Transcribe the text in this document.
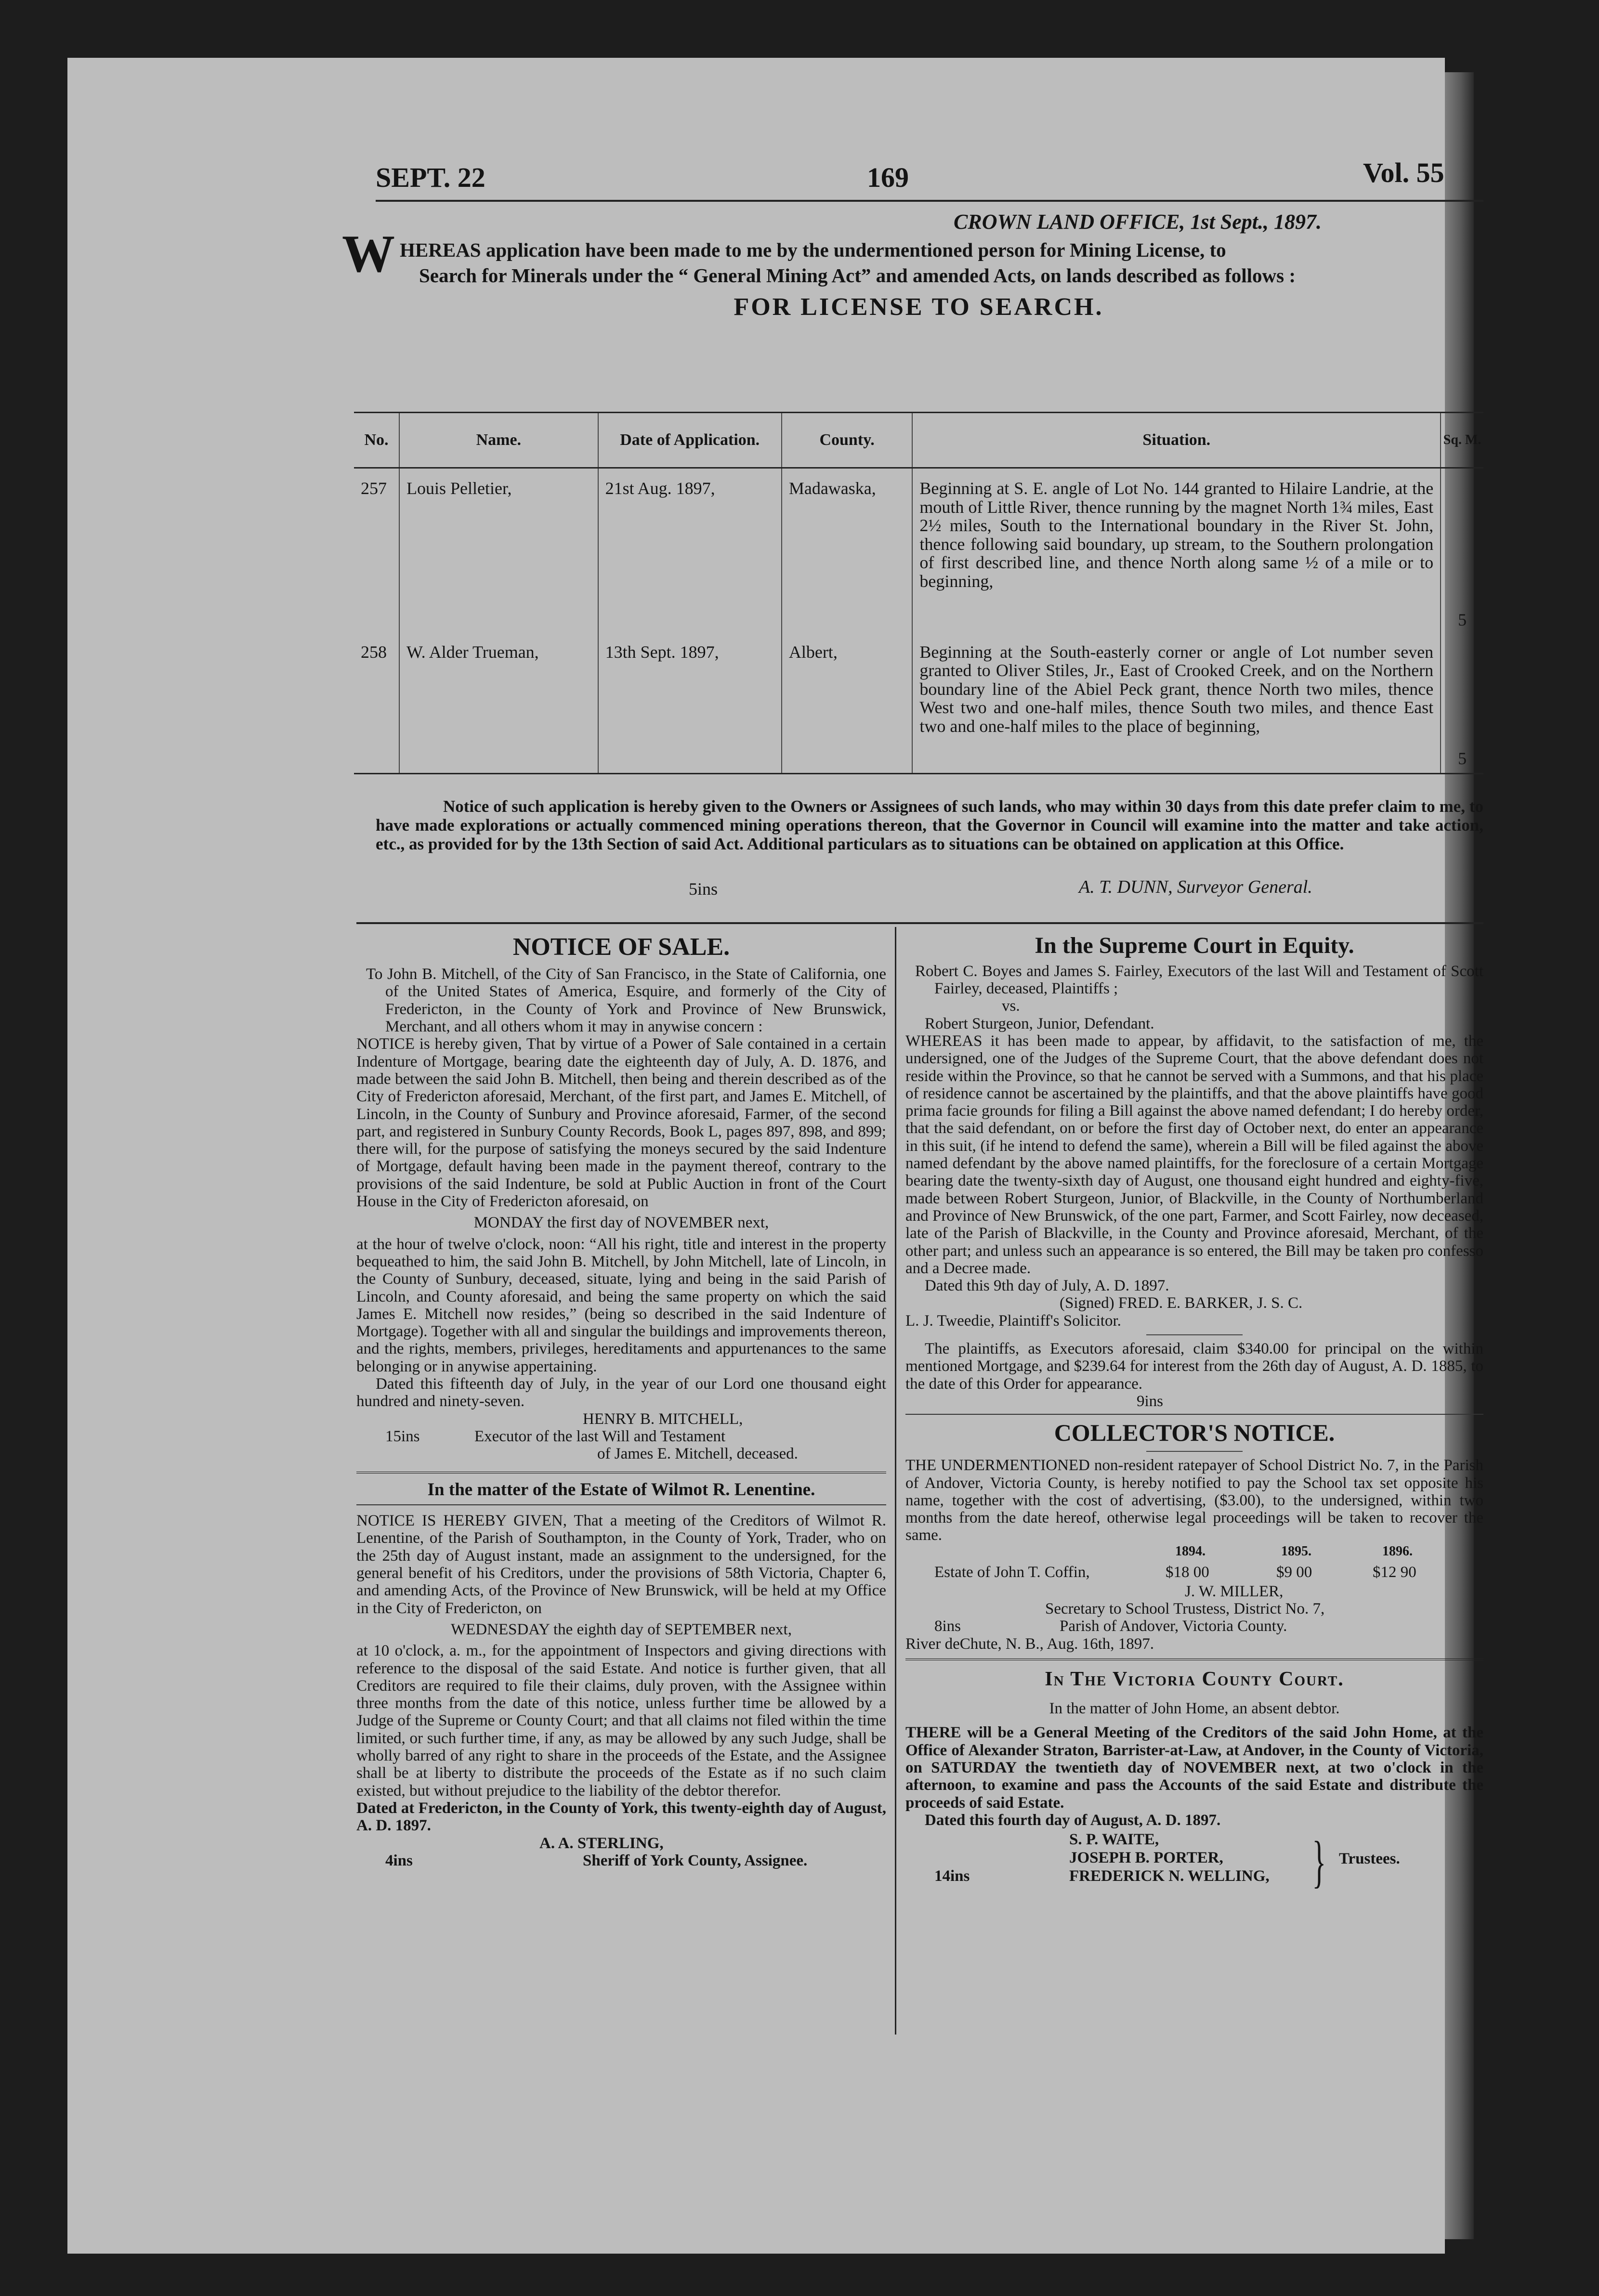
SEPT. 22	169	Vol. 55
CROWN LAND OFFICE, 1st Sept., 1897.
W HEREAS application have been made to me by the undermentioned person for Mining License, to
Search for Minerals under the “ General Mining Act” and amended Acts, on lands described as follows :
FOR LICENSE TO SEARCH.
No.	Name.	Date of Application.	County.	Situation.	Sq. M.
257	Louis Pelletier,	21st Aug. 1897,	Madawaska,	Beginning at S. E. angle of Lot No. 144 granted to Hilaire Landrie, at the mouth of Little River, thence running by the magnet North 1¾ miles, East 2½ miles, South to the International boundary in the River St. John, thence following said boundary, up stream, to the Southern prolongation of first described line, and thence North along same ½ of a mile or to beginning,	5
258	W. Alder Trueman,	13th Sept. 1897,	Albert,	Beginning at the South-easterly corner or angle of Lot number seven granted to Oliver Stiles, Jr., East of Crooked Creek, and on the Northern boundary line of the Abiel Peck grant, thence North two miles, thence West two and one-half miles, thence South two miles, and thence East two and one-half miles to the place of beginning,	5
Notice of such application is hereby given to the Owners or Assignees of such lands, who may within 30 days from this date prefer claim to me, to have made explorations or actually commenced mining operations thereon, that the Governor in Council will examine into the matter and take action, etc., as provided for by the 13th Section of said Act. Additional particulars as to situations can be obtained on application at this Office.
5ins	A. T. DUNN, Surveyor General.
NOTICE OF SALE.

To John B. Mitchell, of the City of San Francisco, in the State of California, one of the United States of America, Esquire, and formerly of the City of Fredericton, in the County of York and Province of New Brunswick, Merchant, and all others whom it may in anywise concern :

NOTICE is hereby given, That by virtue of a Power of Sale contained in a certain Indenture of Mortgage, bearing date the eighteenth day of July, A. D. 1876, and made between the said John B. Mitchell, then being and therein described as of the City of Fredericton aforesaid, Merchant, of the first part, and James E. Mitchell, of Lincoln, in the County of Sunbury and Province aforesaid, Farmer, of the second part, and registered in Sunbury County Records, Book L, pages 897, 898, and 899; there will, for the purpose of satisfying the moneys secured by the said Indenture of Mortgage, default having been made in the payment thereof, contrary to the provisions of the said Indenture, be sold at Public Auction in front of the Court House in the City of Fredericton aforesaid, on

MONDAY the first day of NOVEMBER next,

at the hour of twelve o'clock, noon: “All his right, title and interest in the property bequeathed to him, the said John B. Mitchell, by John Mitchell, late of Lincoln, in the County of Sunbury, deceased, situate, lying and being in the said Parish of Lincoln, and County aforesaid, and being the same property on which the said James E. Mitchell now resides,” (being so described in the said Indenture of Mortgage). Together with all and singular the buildings and improvements thereon, and the rights, members, privileges, hereditaments and appurtenances to the same belonging or in anywise appertaining.

Dated this fifteenth day of July, in the year of our Lord one thousand eight hundred and ninety-seven.

HENRY B. MITCHELL,

15ins	Executor of the last Will and Testament

of James E. Mitchell, deceased.

In the matter of the Estate of Wilmot R. Lenentine.

NOTICE IS HEREBY GIVEN, That a meeting of the Creditors of Wilmot R. Lenentine, of the Parish of Southampton, in the County of York, Trader, who on the 25th day of August instant, made an assignment to the undersigned, for the general benefit of his Creditors, under the provisions of 58th Victoria, Chapter 6, and amending Acts, of the Province of New Brunswick, will be held at my Office in the City of Fredericton, on

WEDNESDAY the eighth day of SEPTEMBER next,

at 10 o'clock, a. m., for the appointment of Inspectors and giving directions with reference to the disposal of the said Estate. And notice is further given, that all Creditors are required to file their claims, duly proven, with the Assignee within three months from the date of this notice, unless further time be allowed by a Judge of the Supreme or County Court; and that all claims not filed within the time limited, or such further time, if any, as may be allowed by any such Judge, shall be wholly barred of any right to share in the proceeds of the Estate, and the Assignee shall be at liberty to distribute the proceeds of the Estate as if no such claim existed, but without prejudice to the liability of the debtor therefor.

Dated at Fredericton, in the County of York, this twenty-eighth day of August, A. D. 1897.

A. A. STERLING,

4ins	Sheriff of York County, Assignee.

In the Supreme Court in Equity.

Robert C. Boyes and James S. Fairley, Executors of the last Will and Testament of Scott Fairley, deceased, Plaintiffs ;

vs.

Robert Sturgeon, Junior, Defendant.

WHEREAS it has been made to appear, by affidavit, to the satisfaction of me, the undersigned, one of the Judges of the Supreme Court, that the above defendant does not reside within the Province, so that he cannot be served with a Summons, and that his place of residence cannot be ascertained by the plaintiffs, and that the above plaintiffs have good prima facie grounds for filing a Bill against the above named defendant; I do hereby order, that the said defendant, on or before the first day of October next, do enter an appearance in this suit, (if he intend to defend the same), wherein a Bill will be filed against the above named defendant by the above named plaintiffs, for the foreclosure of a certain Mortgage bearing date the twenty-sixth day of August, one thousand eight hundred and eighty-five, made between Robert Sturgeon, Junior, of Blackville, in the County of Northumberland and Province of New Brunswick, of the one part, Farmer, and Scott Fairley, now deceased, late of the Parish of Blackville, in the County and Province aforesaid, Merchant, of the other part; and unless such an appearance is so entered, the Bill may be taken pro confesso and a Decree made.

Dated this 9th day of July, A. D. 1897.

(Signed) FRED. E. BARKER, J. S. C.

L. J. Tweedie, Plaintiff's Solicitor.

The plaintiffs, as Executors aforesaid, claim $340.00 for principal on the within mentioned Mortgage, and $239.64 for interest from the 26th day of August, A. D. 1885, to the date of this Order for appearance.

9ins

COLLECTOR'S NOTICE.

THE UNDERMENTIONED non-resident ratepayer of School District No. 7, in the Parish of Andover, Victoria County, is hereby notified to pay the School tax set opposite his name, together with the cost of advertising, ($3.00), to the undersigned, within two months from the date hereof, otherwise legal proceedings will be taken to recover the same.

1894.	1895.	1896.
Estate of John T. Coffin,	$18 00	$9 00	$12 90

J. W. MILLER,

Secretary to School Trustess, District No. 7,

8ins	Parish of Andover, Victoria County.

River deChute, N. B., Aug. 16th, 1897.

In The Victoria County Court.

In the matter of John Home, an absent debtor.

THERE will be a General Meeting of the Creditors of the said John Home, at the Office of Alexander Straton, Barrister-at-Law, at Andover, in the County of Victoria, on SATURDAY the twentieth day of NOVEMBER next, at two o'clock in the afternoon, to examine and pass the Accounts of the said Estate and distribute the proceeds of said Estate.

Dated this fourth day of August, A. D. 1897.

S. P. WAITE,
JOSEPH B. PORTER,
FREDERICK N. WELLING,
14ins	} Trustees.
